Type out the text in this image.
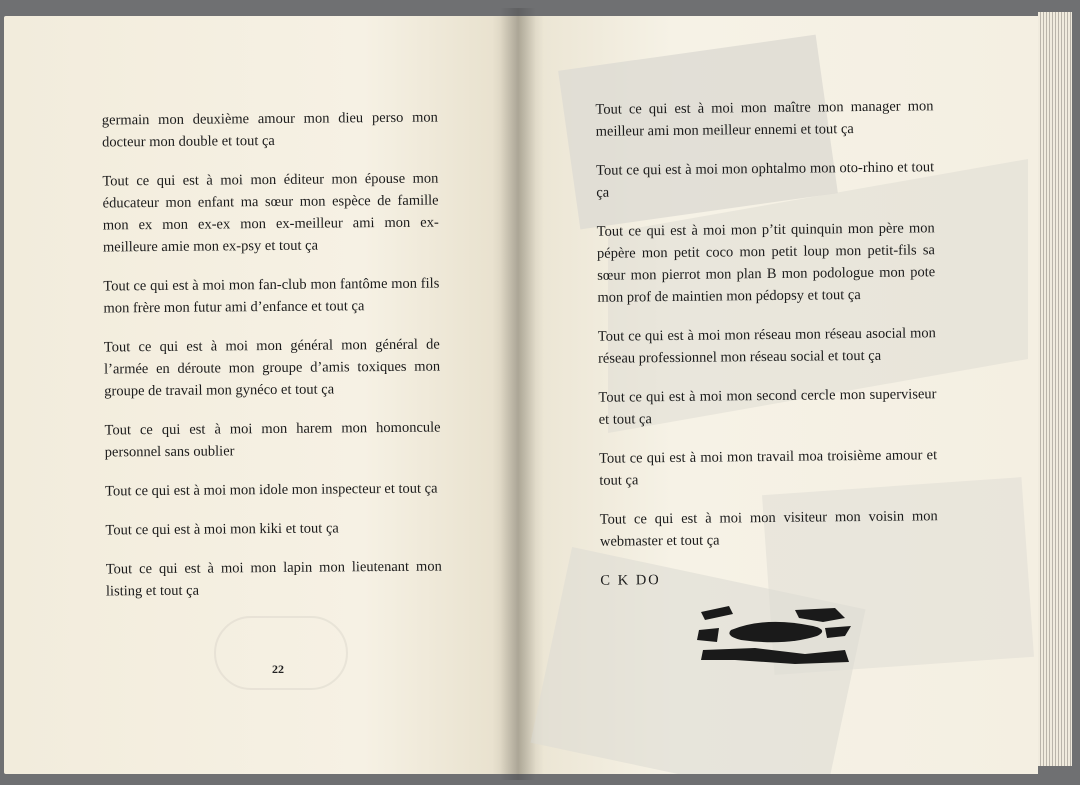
germain mon deuxième amour mon dieu perso mon docteur mon double et tout ça

Tout ce qui est à moi mon éditeur mon épouse mon éducateur mon enfant ma sœur mon espèce de famille mon ex mon ex-ex mon ex-meilleur ami mon ex-meilleure amie mon ex-psy et tout ça

Tout ce qui est à moi mon fan-club mon fantôme mon fils mon frère mon futur ami d’enfance et tout ça

Tout ce qui est à moi mon général mon général de l’armée en déroute mon groupe d’amis toxiques mon groupe de travail mon gynéco et tout ça

Tout ce qui est à moi mon harem mon homoncule personnel sans oublier

Tout ce qui est à moi mon idole mon inspecteur et tout ça

Tout ce qui est à moi mon kiki et tout ça

Tout ce qui est à moi mon lapin mon lieutenant mon listing et tout ça

22

Tout ce qui est à moi mon maître mon manager mon meilleur ami mon meilleur ennemi et tout ça

Tout ce qui est à moi mon ophtalmo mon oto-rhino et tout ça

Tout ce qui est à moi mon p’tit quinquin mon père mon pépère mon petit coco mon petit loup mon petit-fils sa sœur mon pierrot mon plan B mon podologue mon pote mon prof de maintien mon pédopsy et tout ça

Tout ce qui est à moi mon réseau mon réseau asocial mon réseau professionnel mon réseau social et tout ça

Tout ce qui est à moi mon second cercle mon superviseur et tout ça

Tout ce qui est à moi mon travail moa troisième amour et tout ça

Tout ce qui est à moi mon visiteur mon voisin mon webmaster et tout ça

C K DO
